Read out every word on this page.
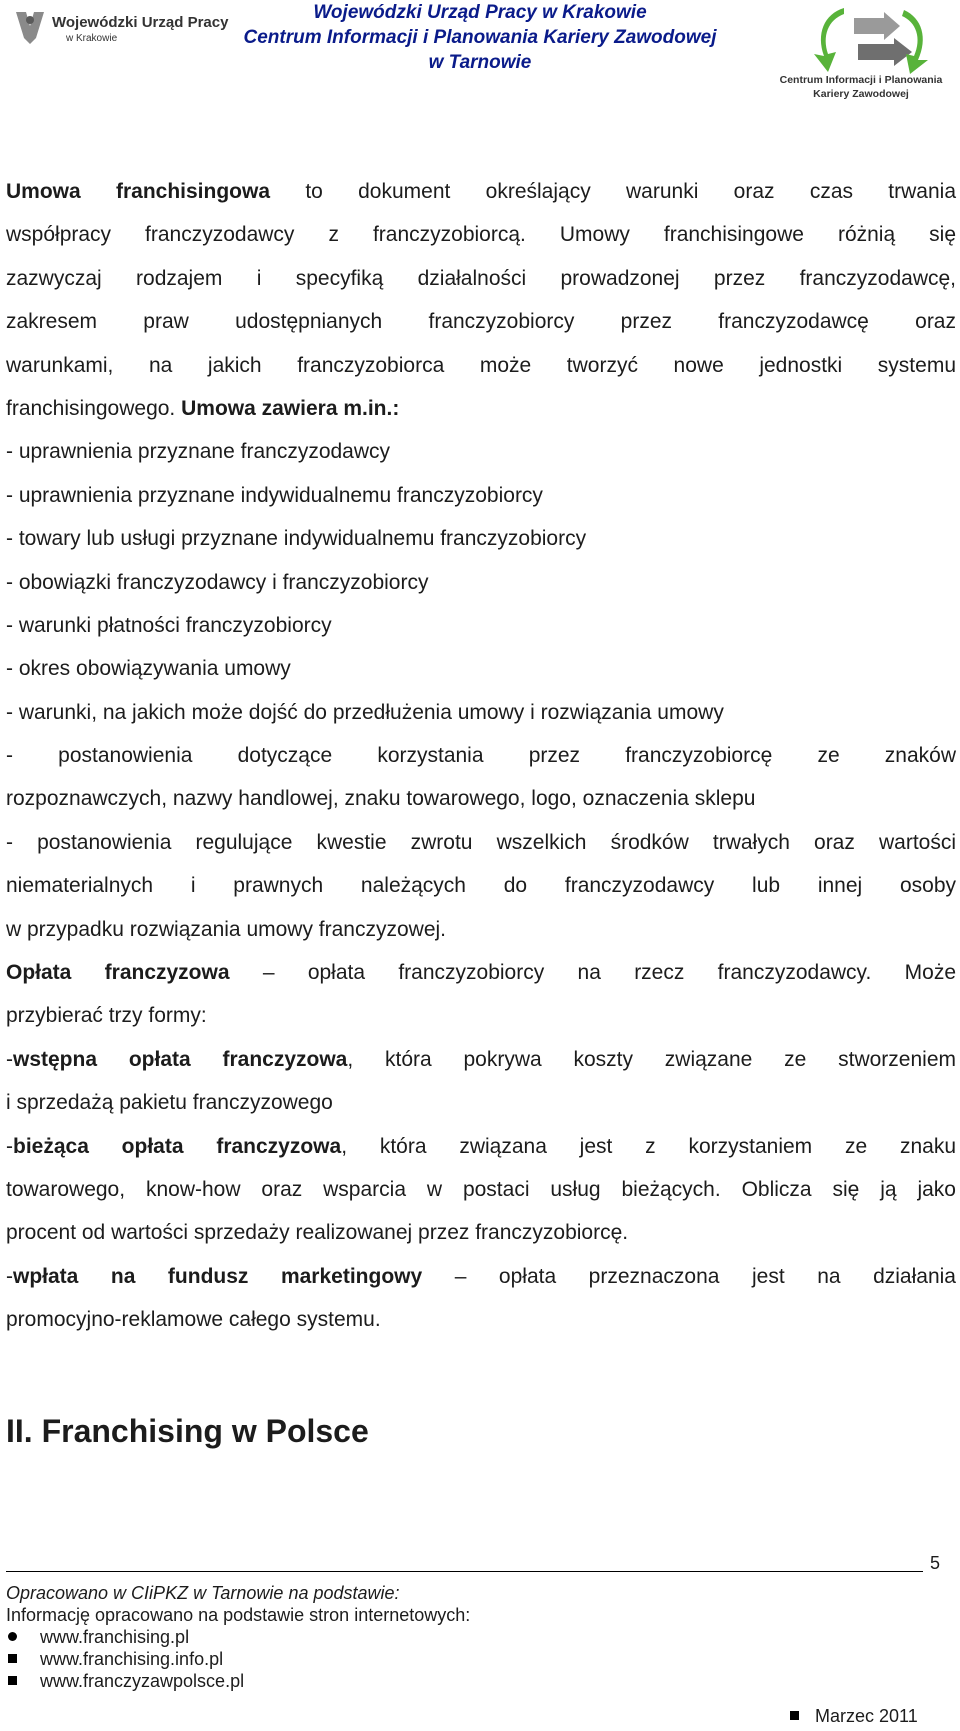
Wojewódzki Urząd Pracy
w Krakowie
Wojewódzki Urząd Pracy w Krakowie
Centrum Informacji i Planowania Kariery Zawodowej
w Tarnowie
Centrum Informacji i Planowania
Kariery Zawodowej
Umowa franchisingowa to dokument określający warunki oraz czas trwania
współpracy franczyzodawcy z franczyzobiorcą. Umowy franchisingowe różnią się
zazwyczaj rodzajem i specyfiką działalności prowadzonej przez franczyzodawcę,
zakresem praw udostępnianych franczyzobiorcy przez franczyzodawcę oraz
warunkami, na jakich franczyzobiorca może tworzyć nowe jednostki systemu
franchisingowego. Umowa zawiera m.in.:
- uprawnienia przyznane franczyzodawcy
- uprawnienia przyznane indywidualnemu franczyzobiorcy
- towary lub usługi przyznane indywidualnemu franczyzobiorcy
- obowiązki franczyzodawcy i franczyzobiorcy
- warunki płatności franczyzobiorcy
- okres obowiązywania umowy
- warunki, na jakich może dojść do przedłużenia umowy i rozwiązania umowy
- postanowienia dotyczące korzystania przez franczyzobiorcę ze znaków
rozpoznawczych, nazwy handlowej, znaku towarowego, logo, oznaczenia sklepu
- postanowienia regulujące kwestie zwrotu wszelkich środków trwałych oraz wartości
niematerialnych i prawnych należących do franczyzodawcy lub innej osoby
w przypadku rozwiązania umowy franczyzowej.
Opłata franczyzowa – opłata franczyzobiorcy na rzecz franczyzodawcy. Może
przybierać trzy formy:
-wstępna opłata franczyzowa, która pokrywa koszty związane ze stworzeniem
i sprzedażą pakietu franczyzowego
-bieżąca opłata franczyzowa, która związana jest z korzystaniem ze znaku
towarowego, know-how oraz wsparcia w postaci usług bieżących. Oblicza się ją jako
procent od wartości sprzedaży realizowanej przez franczyzobiorcę.
-wpłata na fundusz marketingowy – opłata przeznaczona jest na działania
promocyjno-reklamowe całego systemu.
II. Franchising w Polsce
5
Opracowano w CIiPKZ w Tarnowie na podstawie:
Informację opracowano na podstawie stron internetowych:
www.franchising.pl
www.franchising.info.pl
www.franczyzawpolsce.pl
Marzec 2011
